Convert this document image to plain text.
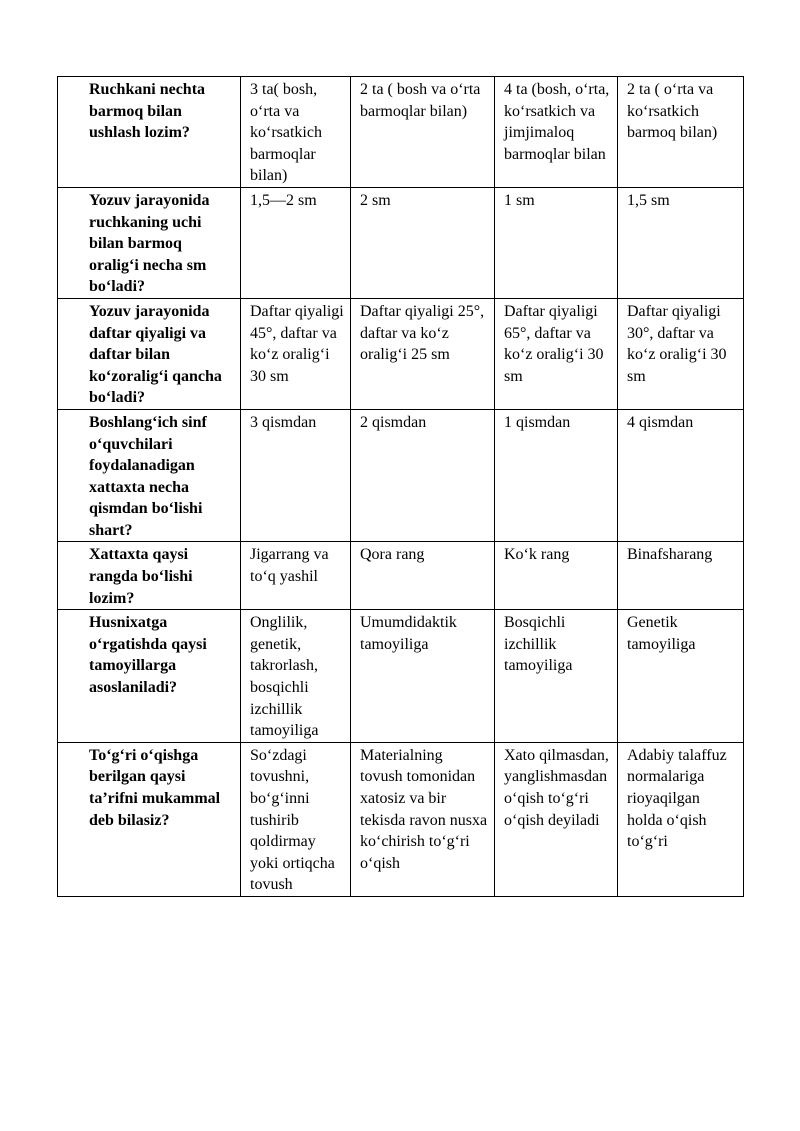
Ruchkani nechta barmoq bilan ushlash lozim?	3 ta( bosh, o‘rta va ko‘rsatkich barmoqlar bilan)	2 ta ( bosh va o‘rta barmoqlar bilan)	4 ta (bosh, o‘rta, ko‘rsatkich va jimjimaloq barmoqlar bilan	2 ta ( o‘rta va ko‘rsatkich barmoq bilan)
Yozuv jarayonida ruchkaning uchi bilan barmoq oralig‘i necha sm bo‘ladi?	1,5—2 sm	2 sm	1 sm	1,5 sm
Yozuv jarayonida daftar qiyaligi va daftar bilan ko‘zoralig‘i qancha bo‘ladi?	Daftar qiyaligi 45°, daftar va ko‘z oralig‘i 30 sm	Daftar qiyaligi 25°, daftar va ko‘z oralig‘i 25 sm	Daftar qiyaligi 65°, daftar va ko‘z oralig‘i 30 sm	Daftar qiyaligi 30°, daftar va ko‘z oralig‘i 30 sm
Boshlang‘ich sinf o‘quvchilari foydalanadigan xattaxta necha qismdan bo‘lishi shart?	3 qismdan	2 qismdan	1 qismdan	4 qismdan
Xattaxta qaysi rangda bo‘lishi lozim?	Jigarrang va to‘q yashil	Qora rang	Ko‘k rang	Binafsharang
Husnixatga o‘rgatishda qaysi tamoyillarga asoslaniladi?	Onglilik, genetik, takrorlash, bosqichli izchillik tamoyiliga	Umumdidaktik tamoyiliga	Bosqichli izchillik tamoyiliga	Genetik tamoyiliga
To‘g‘ri o‘qishga berilgan qaysi ta’rifni mukammal deb bilasiz?	So‘zdagi tovushni, bo‘g‘inni tushirib qoldirmay yoki ortiqcha tovush	Materialning tovush tomonidan xatosiz va bir tekisda ravon nusxa ko‘chirish to‘g‘ri o‘qish	Xato qilmasdan, yanglishmasdan o‘qish to‘g‘ri o‘qish deyiladi	Adabiy talaffuz normalariga rioyaqilgan holda o‘qish to‘g‘ri
